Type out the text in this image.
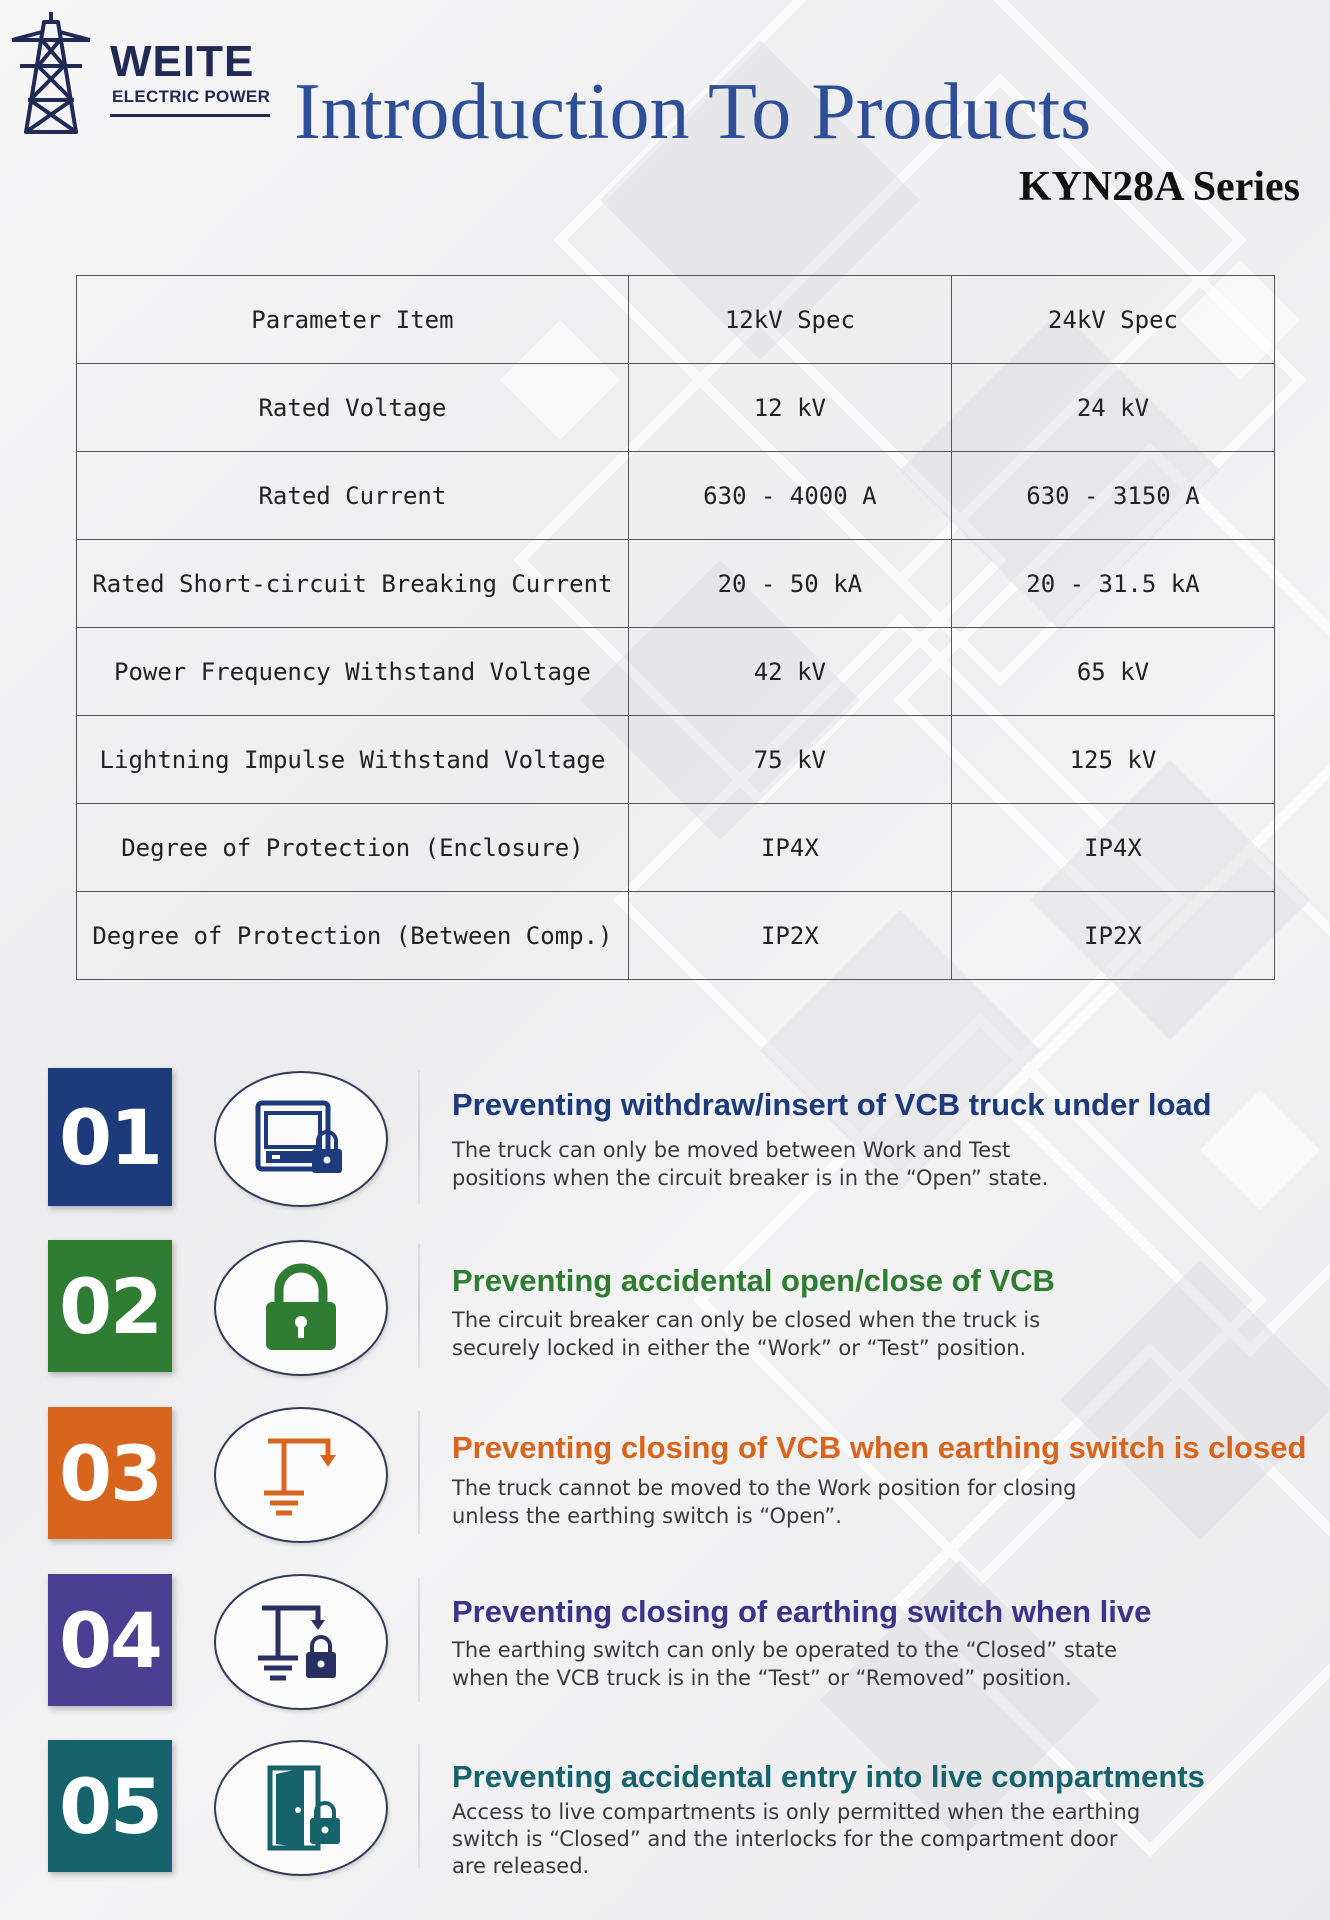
WEITE
ELECTRIC POWER Introduction To Products
KYN28A Series
Parameter Item	12kV Spec	24kV Spec
Rated Voltage	12 kV	24 kV
Rated Current	630 - 4000 A	630 - 3150 A
Rated Short-circuit Breaking Current	20 - 50 kA	20 - 31.5 kA
Power Frequency Withstand Voltage	42 kV	65 kV
Lightning Impulse Withstand Voltage	75 kV	125 kV
Degree of Protection (Enclosure)	IP4X	IP4X
Degree of Protection (Between Comp.)	IP2X	IP2X
01	Preventing withdraw/insert of VCB truck under load
The truck can only be moved between Work and Test
positions when the circuit breaker is in the “Open” state.
02	Preventing accidental open/close of VCB
The circuit breaker can only be closed when the truck is
securely locked in either the “Work” or “Test” position.
03	Preventing closing of VCB when earthing switch is closed
The truck cannot be moved to the Work position for closing
unless the earthing switch is “Open”.
04	Preventing closing of earthing switch when live
The earthing switch can only be operated to the “Closed” state
when the VCB truck is in the “Test” or “Removed” position.
05	Preventing accidental entry into live compartments
Access to live compartments is only permitted when the earthing
switch is “Closed” and the interlocks for the compartment door
are released.
